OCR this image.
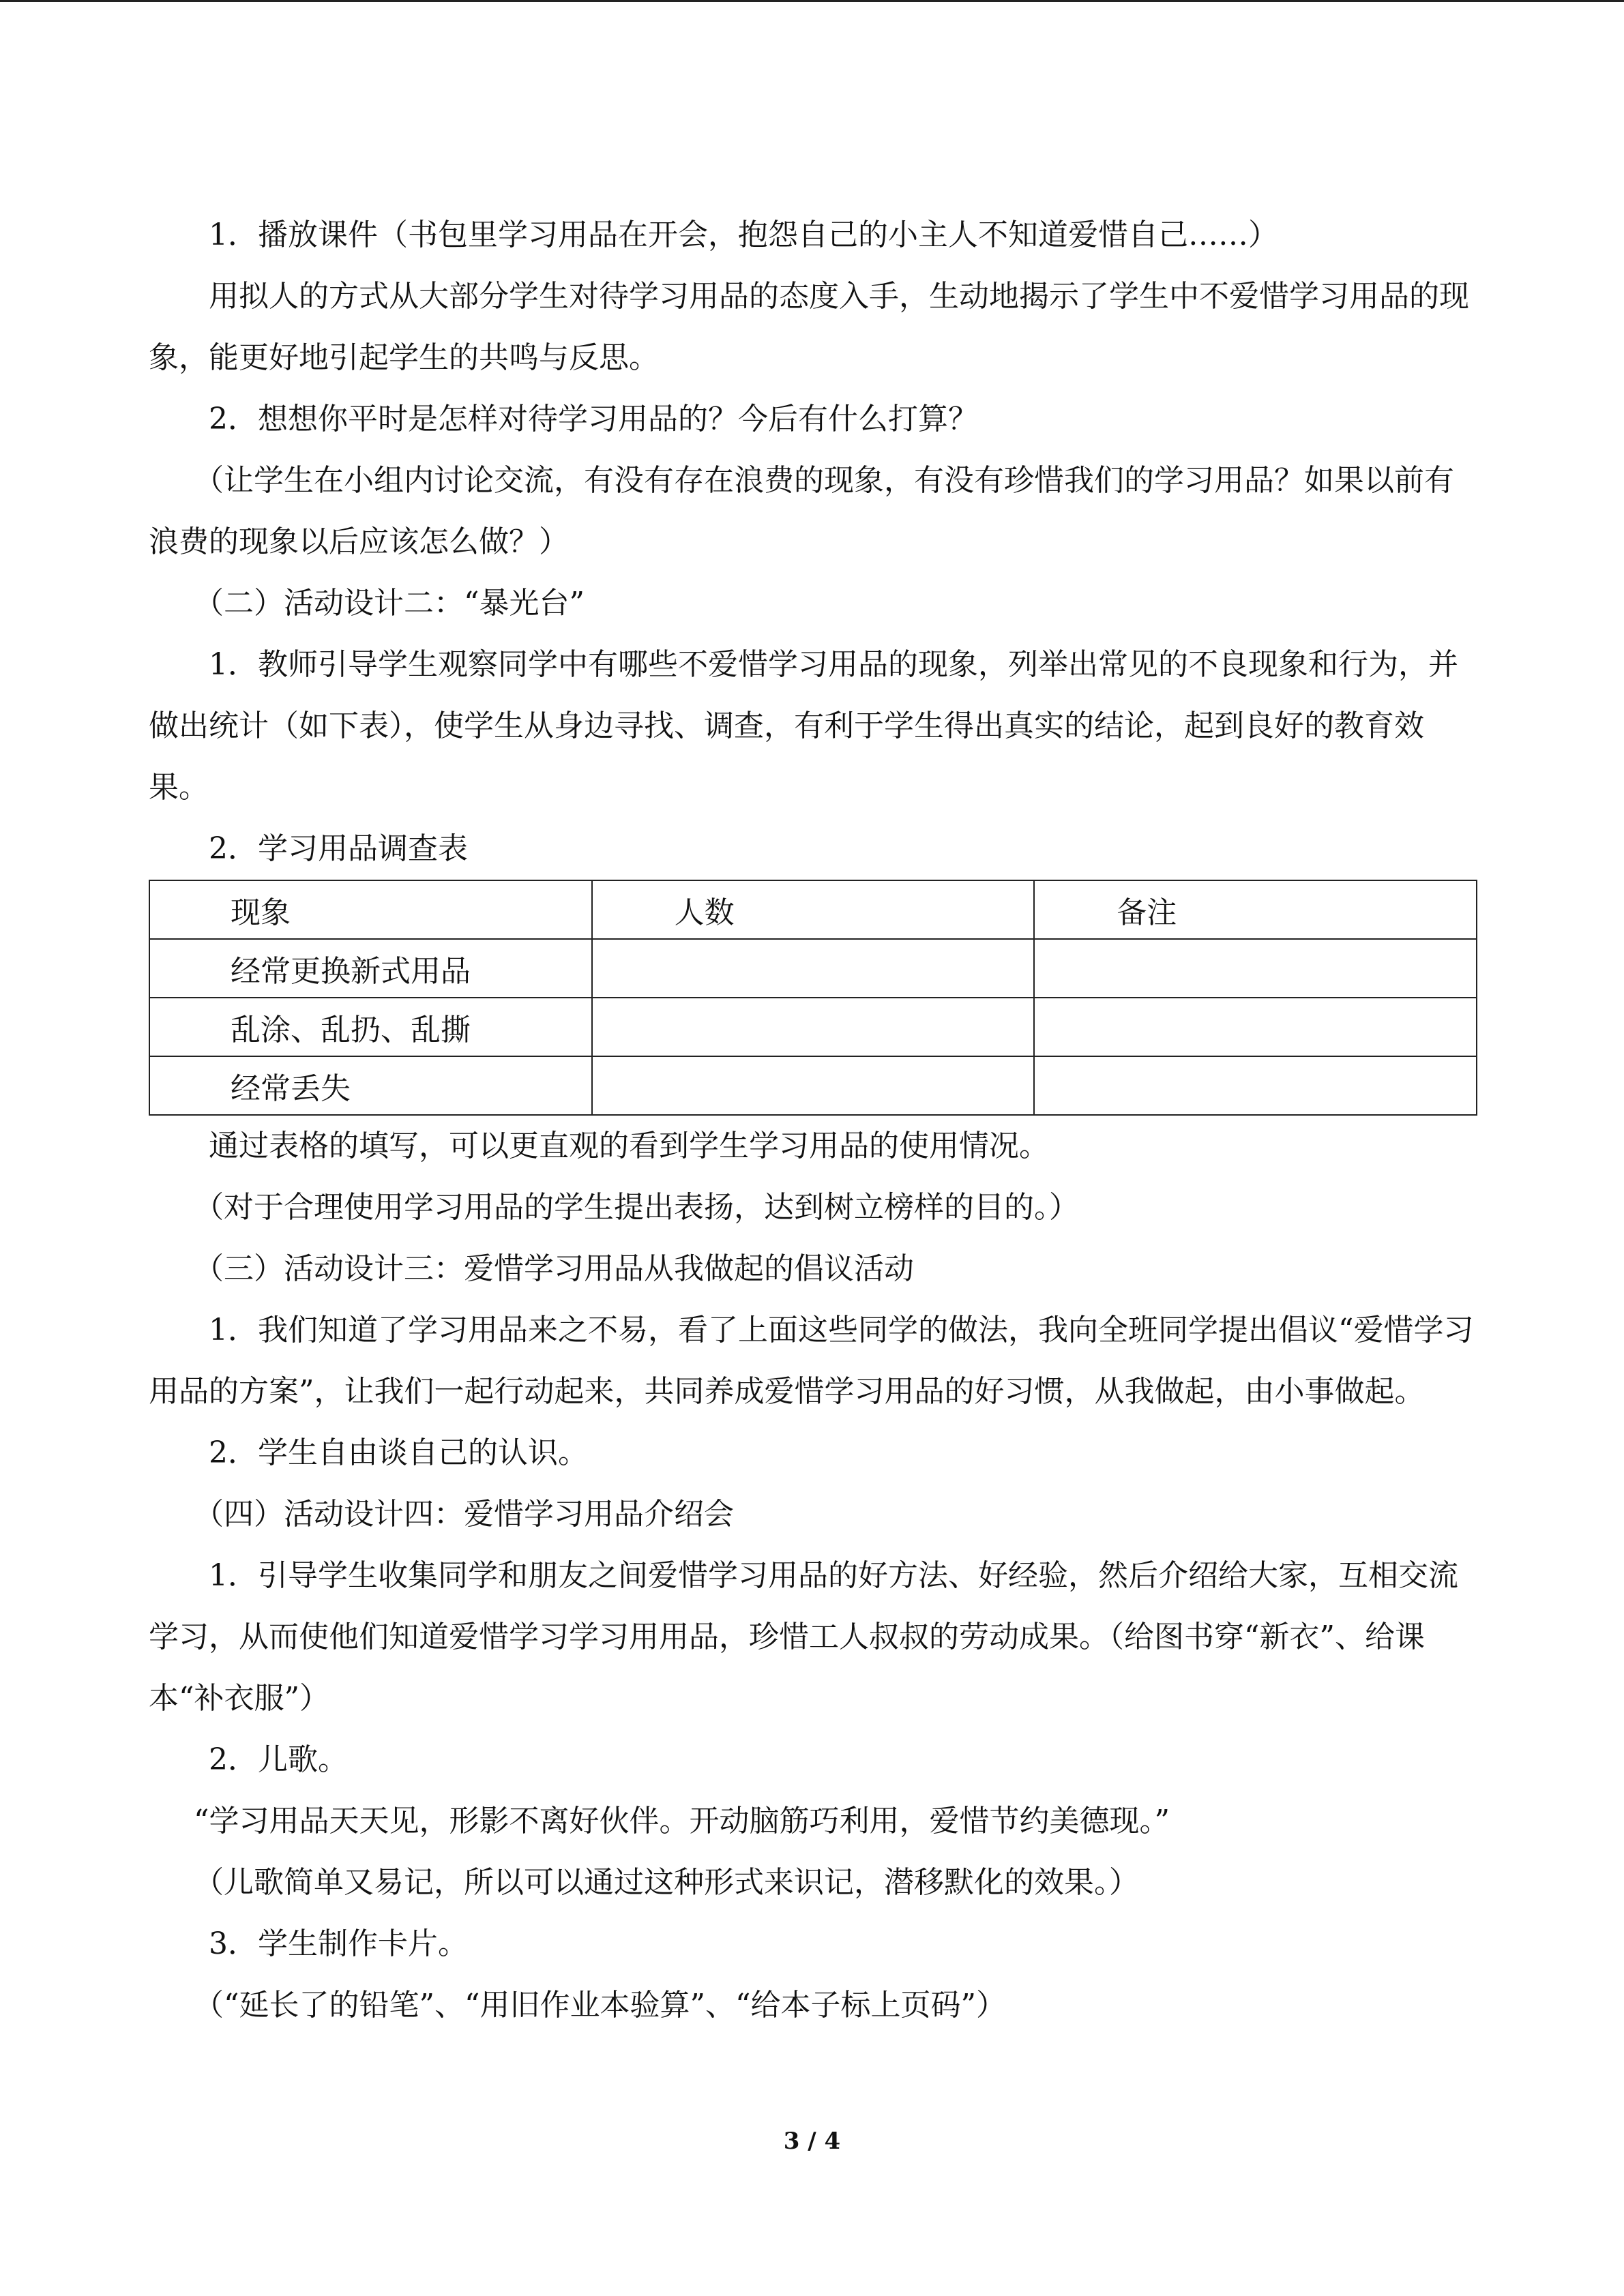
1．播放课件（书包里学习用品在开会，抱怨自己的小主人不知道爱惜自己……）

用拟人的方式从大部分学生对待学习用品的态度入手，生动地揭示了学生中不爱惜学习用品的现象，能更好地引起学生的共鸣与反思。

2．想想你平时是怎样对待学习用品的？今后有什么打算？

（让学生在小组内讨论交流，有没有存在浪费的现象，有没有珍惜我们的学习用品？如果以前有浪费的现象以后应该怎么做？）

（二）活动设计二：“暴光台”

1．教师引导学生观察同学中有哪些不爱惜学习用品的现象，列举出常见的不良现象和行为，并做出统计（如下表），使学生从身边寻找、调查，有利于学生得出真实的结论，起到良好的教育效果。

2．学习用品调查表

现象	人数	备注
经常更换新式用品		
乱涂、乱扔、乱撕		
经常丢失		

通过表格的填写，可以更直观的看到学生学习用品的使用情况。

（对于合理使用学习用品的学生提出表扬，达到树立榜样的目的。）

（三）活动设计三：爱惜学习用品从我做起的倡议活动

1．我们知道了学习用品来之不易，看了上面这些同学的做法，我向全班同学提出倡议“爱惜学习用品的方案”，让我们一起行动起来，共同养成爱惜学习用品的好习惯，从我做起，由小事做起。

2．学生自由谈自己的认识。

（四）活动设计四：爱惜学习用品介绍会

1．引导学生收集同学和朋友之间爱惜学习用品的好方法、好经验，然后介绍给大家，互相交流学习，从而使他们知道爱惜学习学习用用品，珍惜工人叔叔的劳动成果。（给图书穿“新衣”、给课本“补衣服”）

2．儿歌。

“学习用品天天见，形影不离好伙伴。开动脑筋巧利用，爱惜节约美德现。”

（儿歌简单又易记，所以可以通过这种形式来识记，潜移默化的效果。）

3．学生制作卡片。

（“延长了的铅笔”、“用旧作业本验算”、“给本子标上页码”）

3 / 4
